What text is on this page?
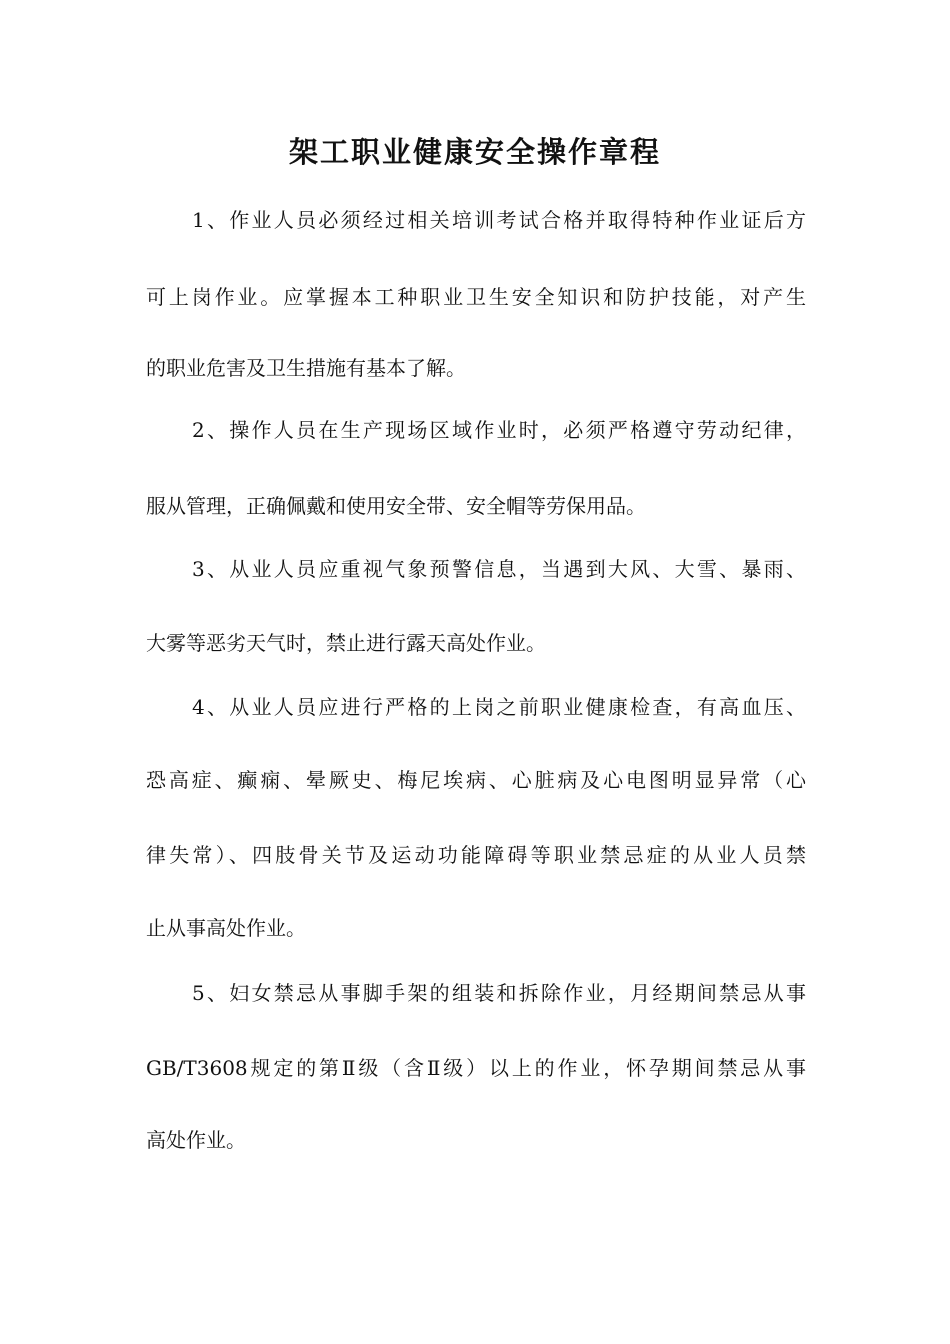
架工职业健康安全操作章程
1、作业人员必须经过相关培训考试合格并取得特种作业证后方
可上岗作业。应掌握本工种职业卫生安全知识和防护技能，对产生
的职业危害及卫生措施有基本了解。
2、操作人员在生产现场区域作业时，必须严格遵守劳动纪律，
服从管理，正确佩戴和使用安全带、安全帽等劳保用品。
3、从业人员应重视气象预警信息，当遇到大风、大雪、暴雨、
大雾等恶劣天气时，禁止进行露天高处作业。
4、从业人员应进行严格的上岗之前职业健康检查，有高血压、
恐高症、癫痫、晕厥史、梅尼埃病、心脏病及心电图明显异常（心
律失常）、四肢骨关节及运动功能障碍等职业禁忌症的从业人员禁
止从事高处作业。
5、妇女禁忌从事脚手架的组装和拆除作业，月经期间禁忌从事
GB/T3608规定的第Ⅱ级（含Ⅱ级）以上的作业，怀孕期间禁忌从事
高处作业。
